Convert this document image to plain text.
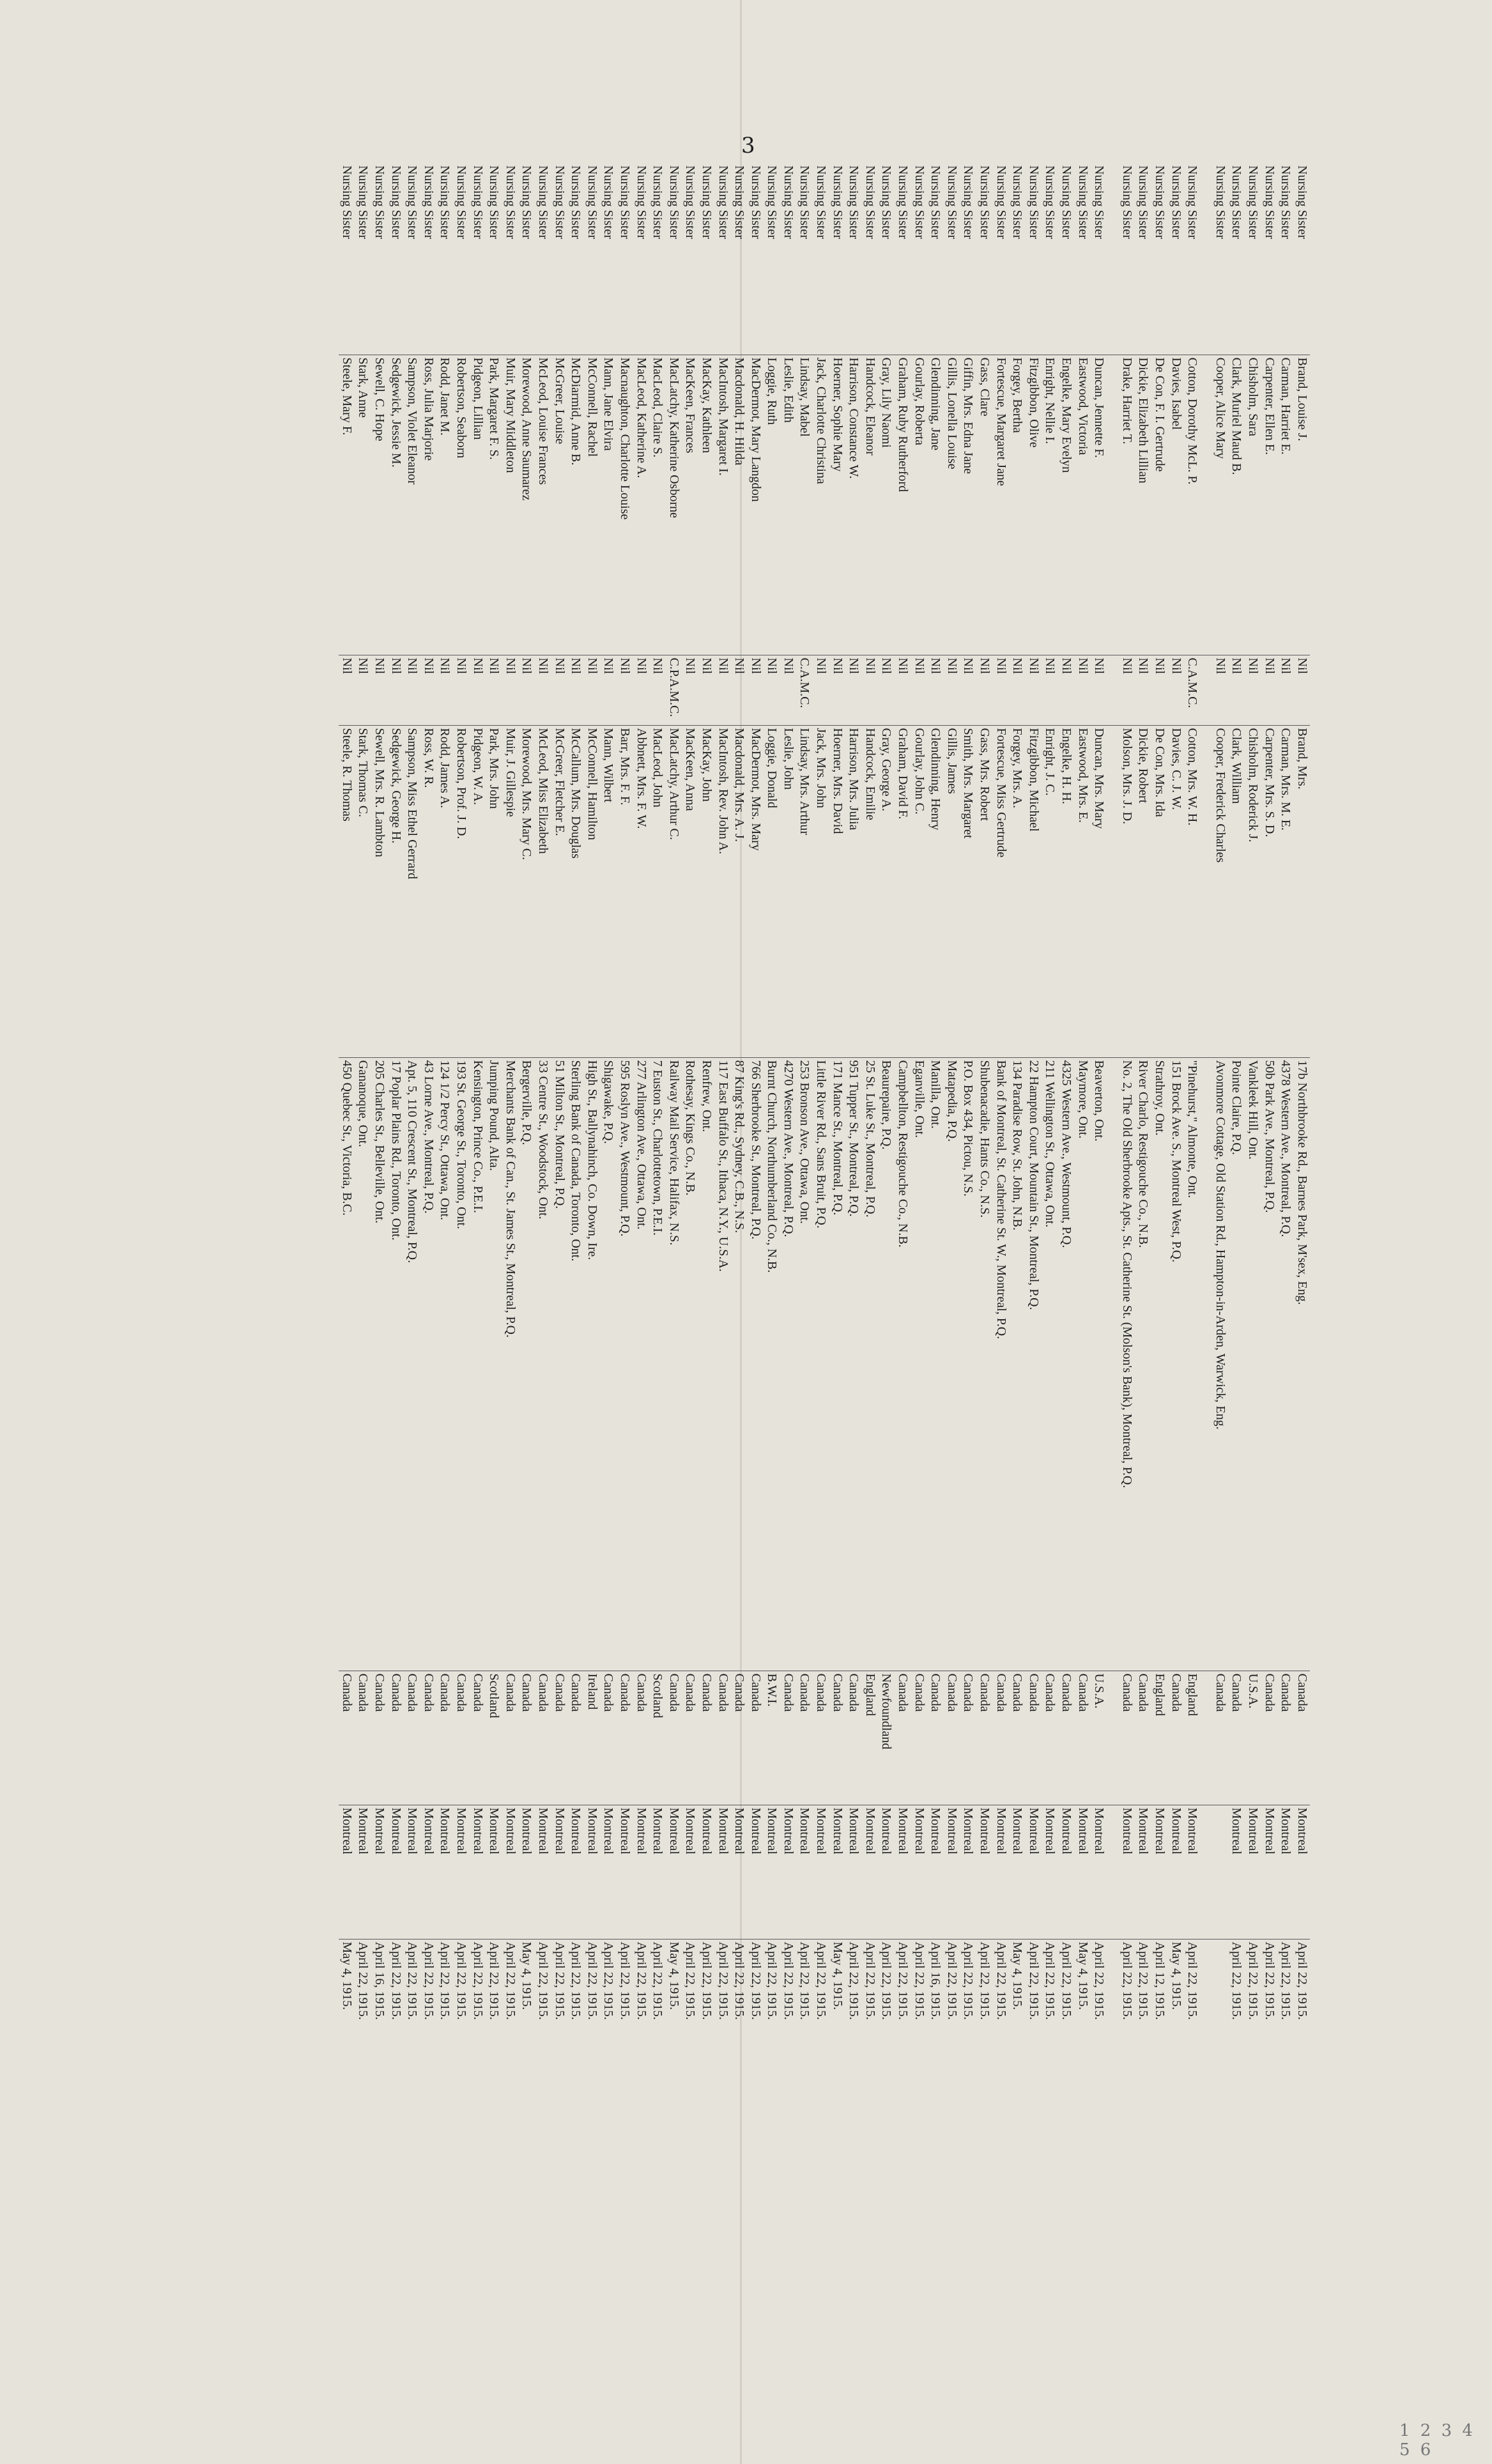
3
Nursing Sister	Brand, Louise J.	Nil	Brand, Mrs.	17b Northbrooke Rd., Barnes Park, M'sex, Eng.	Canada	Montreal	April 22, 1915.
Nursing Sister	Carman, Harriet E.	Nil	Carman, Mrs. M. E.	4378 Western Ave., Montreal, P.Q.	Canada	Montreal	April 22, 1915.
Nursing Sister	Carpenter, Ellen E.	Nil	Carpenter, Mrs. S. D.	50b Park Ave., Montreal, P.Q.	Canada	Montreal	April 22, 1915.
Nursing Sister	Chisholm, Sara	Nil	Chisholm, Roderick J.	Vankleek Hill, Ont.	U.S.A.	Montreal	April 22, 1915.
Nursing Sister	Clark, Muriel Maud B.	Nil	Clark, William	Pointe Claire, P.Q.	Canada	Montreal	April 22, 1915.
Nursing Sister	Cooper, Alice Mary	Nil	Cooper, Frederick Charles	Avonmore Cottage, Old Station Rd., Hampton-in-Arden, Warwick, Eng.	Canada		

Nursing Sister	Cotton, Dorothy McL. P.	C.A.M.C.	Cotton, Mrs. W. H.	"Pinehurst," Almonte, Ont.	England	Montreal	April 22, 1915.
Nursing Sister	Davies, Isabel	Nil	Davies, C. J. W.	151 Brock Ave. S., Montreal West, P.Q.	Canada	Montreal	May 4, 1915.
Nursing Sister	De Con, F. I. Gertrude	Nil	De Con, Mrs. Ida	Strathroy, Ont.	England	Montreal	April 12, 1915.
Nursing Sister	Dickie, Elizabeth Lillian	Nil	Dickie, Robert	River Charlo, Restigouche Co., N.B.	Canada	Montreal	April 22, 1915.
Nursing Sister	Drake, Harriet T.	Nil	Molson, Mrs. J. D.	No. 2, The Old Sherbrooke Apts., St. Catherine St. (Molson's Bank), Montreal, P.Q.	Canada	Montreal	April 22, 1915.

Nursing Sister	Duncan, Jennette F.	Nil	Duncan, Mrs. Mary	Beaverton, Ont.	U.S.A.	Montreal	April 22, 1915.
Nursing Sister	Eastwood, Victoria	Nil	Eastwood, Mrs. E.	Maymore, Ont.	Canada	Montreal	May 4, 1915.
Nursing Sister	Engelke, Mary Evelyn	Nil	Engelke, H. H.	4325 Western Ave., Westmount, P.Q.	Canada	Montreal	April 22, 1915.
Nursing Sister	Enright, Nellie I.	Nil	Enright, J. C.	211 Wellington St., Ottawa, Ont.	Canada	Montreal	April 22, 1915.
Nursing Sister	Fitzgibbon, Olive	Nil	Fitzgibbon, Michael	22 Hampton Court, Mountain St., Montreal, P.Q.	Canada	Montreal	April 22, 1915.
Nursing Sister	Forgey, Bertha	Nil	Forgey, Mrs. A.	134 Paradise Row, St. John, N.B.	Canada	Montreal	May 4, 1915.
Nursing Sister	Fortescue, Margaret Jane	Nil	Fortescue, Miss Gertrude	Bank of Montreal, St. Catherine St. W., Montreal, P.Q.	Canada	Montreal	April 22, 1915.
Nursing Sister	Gass, Clare	Nil	Gass, Mrs. Robert	Shubenacadie, Hants Co., N.S.	Canada	Montreal	April 22, 1915.
Nursing Sister	Giffin, Mrs. Edna Jane	Nil	Smith, Mrs. Margaret	P.O. Box 434, Pictou, N.S.	Canada	Montreal	April 22, 1915.
Nursing Sister	Gillis, Lonella Louise	Nil	Gillis, James	Matapedia, P.Q.	Canada	Montreal	April 22, 1915.
Nursing Sister	Glendinning, Jane	Nil	Glendinning, Henry	Manilla, Ont.	Canada	Montreal	April 16, 1915.
Nursing Sister	Gourlay, Roberta	Nil	Gourlay, John C.	Eganville, Ont.	Canada	Montreal	April 22, 1915.
Nursing Sister	Graham, Ruby Rutherford	Nil	Graham, David F.	Campbellton, Restigouche Co., N.B.	Canada	Montreal	April 22, 1915.
Nursing Sister	Gray, Lily Naomi	Nil	Gray, George A.	Beaurepaire, P.Q.	Newfoundland	Montreal	April 22, 1915.
Nursing Sister	Handcock, Eleanor	Nil	Handcock, Emilie	25 St. Luke St., Montreal, P.Q.	England	Montreal	April 22, 1915.
Nursing Sister	Harrison, Constance W.	Nil	Harrison, Mrs. Julia	951 Tupper St., Montreal, P.Q.	Canada	Montreal	April 22, 1915.
Nursing Sister	Hoerner, Sophie Mary	Nil	Hoerner, Mrs. David	171 Mance St., Montreal, P.Q.	Canada	Montreal	May 4, 1915.
Nursing Sister	Jack, Charlotte Christina	Nil	Jack, Mrs. John	Little River Rd., Sans Bruit, P.Q.	Canada	Montreal	April 22, 1915.
Nursing Sister	Lindsay, Mabel	C.A.M.C.	Lindsay, Mrs. Arthur	253 Bronson Ave., Ottawa, Ont.	Canada	Montreal	April 22, 1915.
Nursing Sister	Leslie, Edith	Nil	Leslie, John	4270 Western Ave., Montreal, P.Q.	Canada	Montreal	April 22, 1915.
Nursing Sister	Loggie, Ruth	Nil	Loggie, Donald	Burnt Church, Northumberland Co., N.B.	B.W.I.	Montreal	April 22, 1915.
Nursing Sister	MacDermot, Mary Langdon	Nil	MacDermot, Mrs. Mary	766 Sherbrooke St., Montreal, P.Q.	Canada	Montreal	April 22, 1915.
Nursing Sister	Macdonald, H. Hilda	Nil	Macdonald, Mrs. A. J.	87 King's Rd., Sydney, C.B., N.S.	Canada	Montreal	April 22, 1915.
Nursing Sister	MacIntosh, Margaret I.	Nil	MacIntosh, Rev. John A.	117 East Buffalo St., Ithaca, N.Y., U.S.A.	Canada	Montreal	April 22, 1915.
Nursing Sister	MacKay, Kathleen	Nil	MacKay, John	Renfrew, Ont.	Canada	Montreal	April 22, 1915.
Nursing Sister	MacKeen, Frances	Nil	MacKeen, Anna	Rothesay, Kings Co., N.B.	Canada	Montreal	April 22, 1915.
Nursing Sister	MacLatchy, Katherine Osborne	C.P.A.M.C.	MacLatchy, Arthur C.	Railway Mail Service, Halifax, N.S.	Canada	Montreal	May 4, 1915.
Nursing Sister	MacLeod, Claire S.	Nil	MacLeod, John	7 Euston St., Charlottetown, P.E.I.	Scotland	Montreal	April 22, 1915.
Nursing Sister	MacLeod, Katherine A.	Nil	Abbnett, Mrs. F. W.	277 Arlington Ave., Ottawa, Ont.	Canada	Montreal	April 22, 1915.
Nursing Sister	Macnaughton, Charlotte Louise	Nil	Barr, Mrs. F. F.	595 Roslyn Ave., Westmount, P.Q.	Canada	Montreal	April 22, 1915.
Nursing Sister	Mann, Jane Elvira	Nil	Mann, Wilbert	Shigawake, P.Q.	Canada	Montreal	April 22, 1915.
Nursing Sister	McConnell, Rachel	Nil	McConnell, Hamilton	High St., Ballynahinch, Co. Down, Ire.	Ireland	Montreal	April 22, 1915.
Nursing Sister	McDiarmid, Anne B.	Nil	McCallum, Mrs. Douglas	Sterling Bank of Canada, Toronto, Ont.	Canada	Montreal	April 22, 1915.
Nursing Sister	McGreer, Louise	Nil	McGreer, Fletcher E.	51 Milton St., Montreal, P.Q.	Canada	Montreal	April 22, 1915.
Nursing Sister	McLeod, Louise Frances	Nil	McLeod, Miss Elizabeth	33 Centre St., Woodstock, Ont.	Canada	Montreal	April 22, 1915.
Nursing Sister	Morewood, Anne Saumarez	Nil	Morewood, Mrs. Mary C.	Bergerville, P.Q.	Canada	Montreal	May 4, 1915.
Nursing Sister	Muir, Mary Middleton	Nil	Muir, J. Gillespie	Merchants Bank of Can., St. James St., Montreal, P.Q.	Canada	Montreal	April 22, 1915.
Nursing Sister	Park, Margaret F. S.	Nil	Park, Mrs. John	Jumping Pound, Alta.	Scotland	Montreal	April 22, 1915.
Nursing Sister	Pidgeon, Lillian	Nil	Pidgeon, W. A.	Kensington, Prince Co., P.E.I.	Canada	Montreal	April 22, 1915.
Nursing Sister	Robertson, Seaborn	Nil	Robertson, Prof. J. D.	193 St. George St., Toronto, Ont.	Canada	Montreal	April 22, 1915.
Nursing Sister	Rodd, Janet M.	Nil	Rodd, James A.	124 1/2 Percy St., Ottawa, Ont.	Canada	Montreal	April 22, 1915.
Nursing Sister	Ross, Julia Marjorie	Nil	Ross, W. R.	43 Lorne Ave., Montreal, P.Q.	Canada	Montreal	April 22, 1915.
Nursing Sister	Sampson, Violet Eleanor	Nil	Sampson, Miss Ethel Gerrard	Apt. 5, 110 Crescent St., Montreal, P.Q.	Canada	Montreal	April 22, 1915.
Nursing Sister	Sedgewick, Jessie M.	Nil	Sedgewick, George H.	17 Poplar Plains Rd., Toronto, Ont.	Canada	Montreal	April 22, 1915.
Nursing Sister	Sewell, C. Hope	Nil	Sewell, Mrs. R. Lambton	205 Charles St., Belleville, Ont.	Canada	Montreal	April 16, 1915.
Nursing Sister	Stark, Anne	Nil	Stark, Thomas C.	Gananoque, Ont.	Canada	Montreal	April 22, 1915.
Nursing Sister	Steele, Mary F.	Nil	Steele, R. Thomas	450 Quebec St., Victoria, B.C.	Canada	Montreal	May 4, 1915.
1 2 3 4 5 6
